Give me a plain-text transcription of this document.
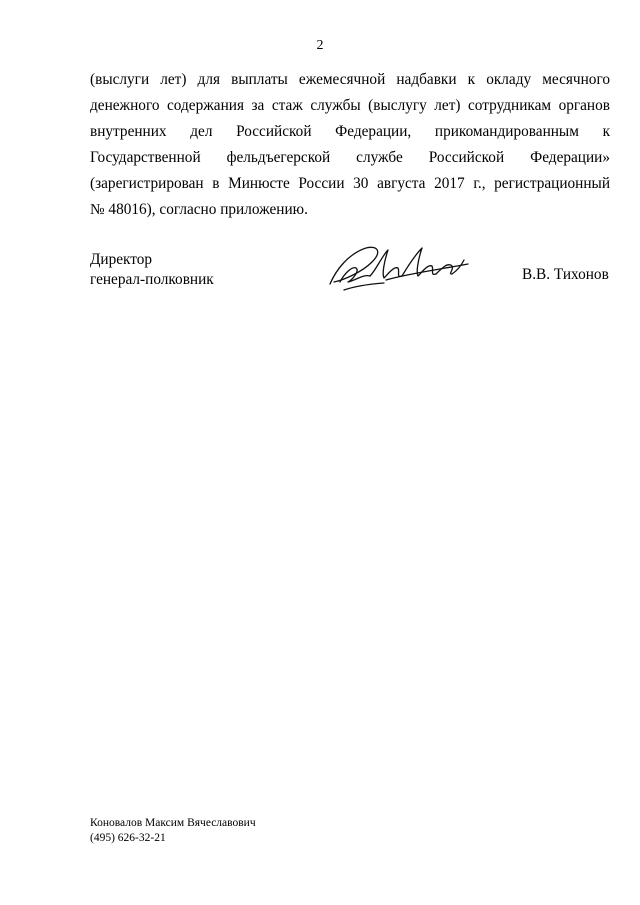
2
(выслуги лет) для выплаты ежемесячной надбавки к окладу месячного
денежного содержания за стаж службы (выслугу лет) сотрудникам органов
внутренних дел Российской Федерации, прикомандированным к
Государственной фельдъегерской службе Российской Федерации»
(зарегистрирован в Минюсте России 30 августа 2017 г., регистрационный
№ 48016), согласно приложению.
Директор
генерал-полковник	В.В. Тихонов
Коновалов Максим Вячеславович
(495) 626-32-21
